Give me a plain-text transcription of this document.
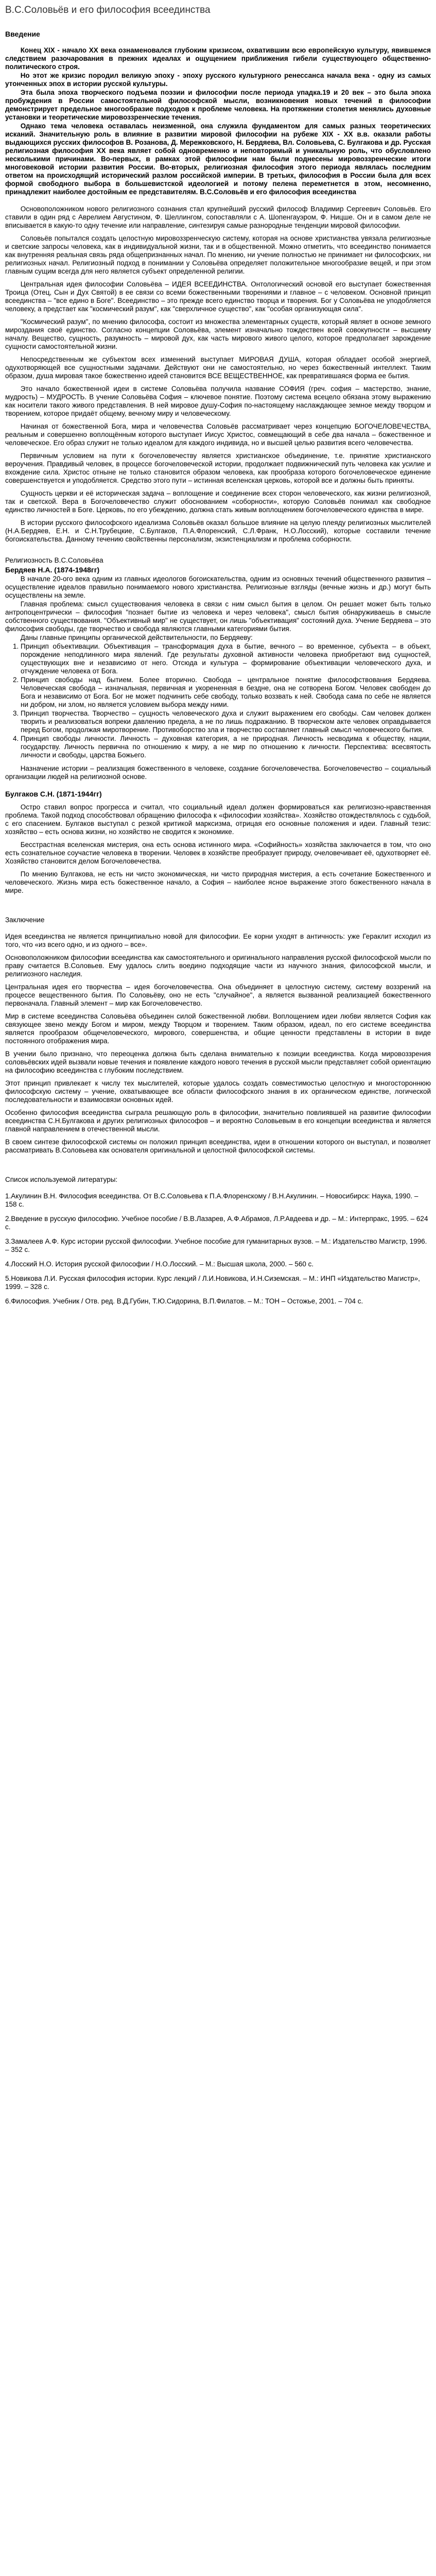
В.С.Соловьёв и его философия всеединства
Введение
Конец XIX - начало XX века ознаменовался глубоким кризисом, охватившим всю европейскую культуру, явившемся следствием разочарования в прежних идеалах и ощущением приближения гибели существующего общественно-политического строя.
Но этот же кризис породил великую эпоху - эпоху русского культурного ренессанса начала века - одну из самых утонченных эпох в истории русской культуры.
Эта была эпоха творческого подъема поэзии и философии после периода упадка.19 и 20 век – это была эпоха пробуждения в России самостоятельной философской мысли, возникновения новых течений в философии демонстрирует предельное многообразие подходов к проблеме человека. На протяжении столетия менялись духовные установки и теоретические мировоззренческие течения.
Однако тема человека оставалась неизменной, она служила фундаментом для самых разных теоретических исканий. Значительную роль в влияние в развитии мировой философии на рубеже XIX - XX в.в. оказали работы выдающихся русских философов В. Розанова, Д. Мережковского, Н. Бердяева, Вл. Соловьева, С. Булгакова и др. Русская религиозная философия XX века являет собой одновременно и неповторимый и уникальную роль, что обусловлено несколькими причинами. Во-первых, в рамках этой философии нам были поднесены мировоззренческие итоги многовековой истории развития России. Во-вторых, религиозная философия этого периода являлась последним ответом на происходящий исторический разлом российской империи. В третьих, философия в России была для всех формой свободного выбора в большевистской идеологией и потому пелена переметнется в этом, несомненно, принадлежит наиболее достойным ее представителям. В.С.Соловьёв и его философия всеединства
Основоположником нового религиозного сознания стал крупнейший русский философ Владимир Сергеевич Соловьёв. Его ставили в один ряд с Аврелием Августином, Ф. Шеллингом, сопоставляли с А. Шопенгауэром, Ф. Ницше. Он и в самом деле не вписывается в какую-то одну течение или направление, синтезируя самые разнородные тенденции мировой философии.
Соловьёв попытался создать целостную мировоззренческую систему, которая на основе христианства увязала религиозные и светские запросы человека, как в индивидуальной жизни, так и в общественной. Можно отметить, что всеединство понимается как внутренняя реальная связь ряда общепризнанных начал. По мнению, ни учение полностью не принимает ни философских, ни религиозных начал. Религиозный подход в понимании у Соловьёва определяет положительное многообразие вещей, и при этом главным сущим всегда для него является субъект определенной религии.
Центральная идея философии Соловьёва – ИДЕЯ ВСЕЕДИНСТВА. Онтологический основой его выступает божественная Троица (Отец, Сын и Дух Святой) в ее связи со всеми божественными творениями и главное – с человеком. Основной принцип всеединства – "все едино в Боге". Всеединство – это прежде всего единство творца и творения. Бог у Соловьёва не уподобляется человеку, а предстает как "космический разум", как "сверхличное существо", как "особая организующая сила".
"Космический разум", по мнению философа, состоит из множества элементарных существ, который являет в основе земного мироздания своё единство. Согласно концепции Соловьёва, элемент изначально тождествен всей совокупности – высшему началу. Вещество, сущность, разумность – мировой дух, как часть мирового живого целого, которое предполагает зарождение сущности самостоятельной жизни.
Непосредственным же субъектом всех изменений выступает МИРОВАЯ ДУША, которая обладает особой энергией, одухотворяющей все сущностными задачами. Действуют они не самостоятельно, но через божественный интеллект. Таким образом, душа мировая такое божественно идеей становится ВСЕ ВЕЩЕСТВЕННОЕ, как превратившаяся форма ее бытия.
Это начало божественной идеи в системе Соловьёва получила название СОФИЯ (греч. софия – мастерство, знание, мудрость) – МУДРОСТЬ. В учение Соловьёва София – ключевое понятие. Поэтому система всецело обязана этому выражению как носители такого живого представления. В ней мировое душу-София по-настоящему наслаждающее земное между творцом и творением, которое придаёт общему, вечному миру и человеческому.
Начиная от божественной Бога, мира и человечества Соловьёв рассматривает через концепцию БОГОЧЕЛОВЕЧЕСТВА, реальным и совершенно воплощённым которого выступает Иисус Христос, совмещающий в себе два начала – божественное и человеческое. Его образ служит не только идеалом для каждого индивида, но и высшей целью развития всего человечества.
Первичным условием на пути к богочеловечеству является христианское объединение, т.е. принятие христианского вероучения. Правдивый человек, в процессе богочеловеческой истории, продолжает подвижнический путь человека как усилие и вхождение сила. Христос отныне не только становится образом человека, как прообраза которого богочеловеческое единение совершенствуется и уподобляется. Средство этого пути – истинная вселенская церковь, которой все и должны быть приняты.
Сущность церкви и её историческая задача – воплощение и соединение всех сторон человеческого, как жизни религиозной, так и светской. Вера в Богочеловечество служит обоснованием «соборности», которую Соловьёв понимал как свободное единство личностей в Боге. Церковь, по его убеждению, должна стать живым воплощением богочеловеческого единства в мире.
В истории русского философского идеализма Соловьёв оказал большое влияние на целую плеяду религиозных мыслителей (Н.А.Бердяев, Е.Н. и С.Н.Трубецкие, С.Булгаков, П.А.Флоренский, С.Л.Франк, Н.О.Лосский), которые составили течение богоискательства. Данному течению свойственны персонализм, экзистенциализм и проблема соборности.
Религиозность В.С.Соловьёва
Бердяев Н.А. (1874-1948гг)
В начале 20-ого века одним из главных идеологов богоискательства, одним из основных течений общественного развития – осуществление идеалов правильно понимаемого нового христианства. Религиозные взгляды (вечные жизнь и др.) могут быть осуществлены на земле.
Главная проблема: смысл существования человека в связи с ним смысл бытия в целом. Он решает может быть только антропоцентрически – философия "познает бытие из человека и через человека", смысл бытия обнаруживаешь в смысле собственного существования. "Объективный мир" не существует, он лишь "объективация" состояний духа. Учение Бердяева – это философия свободы, где творчество и свобода являются главными категориями бытия.
Даны главные принципы органической действительности, по Бердяеву:
1. Принцип объективации. Объективация – трансформация духа в бытие, вечного – во временное, субъекта – в объект, порождение неподлинного мира явлений. Где результаты духовной активности человека приобретают вид сущностей, существующих вне и независимо от него. Отсюда и культура – формирование объективации человеческого духа, и отчуждение человека от Бога.
2. Принцип свободы над бытием. Более вторично. Свобода – центральное понятие философствования Бердяева. Человеческая свобода – изначальная, первичная и укорененная в бездне, она не сотворена Богом. Человек свободен до Бога и независимо от Бога. Бог не может подчинить себе свободу, только воззвать к ней. Свобода сама по себе не является ни добром, ни злом, но является условием выбора между ними.
3. Принцип творчества. Творчество – сущность человеческого духа и служит выражением его свободы. Сам человек должен творить и реализоваться вопреки давлению предела, а не по лишь подражанию. В творческом акте человек оправдывается перед Богом, продолжая миротворение. Противоборство зла и творчество составляет главный смысл человеческого бытия.
4. Принцип свободы личности. Личность – духовная категория, а не природная. Личность несводима к обществу, нации, государству. Личность первична по отношению к миру, а не мир по отношению к личности. Перспектива: всесвятость личности и свободы, царства Божьего.
Назначение истории – реализация божественного в человеке, создание богочеловечества. Богочеловечество – социальный организации людей на религиозной основе.
Булгаков С.Н. (1871-1944гг)
Остро ставил вопрос прогресса и считал, что социальный идеал должен формироваться как религиозно-нравственная проблема. Такой подход способствовал обращению философа к «философии хозяйства». Хозяйство отождествлялось с судьбой, с его спасением. Булгаков выступал с резкой критикой марксизма, отрицая его основные положения и идеи. Главный тезис: хозяйство – есть основа жизни, но хозяйство не сводится к экономике.
Бесстрастная вселенская мистерия, она есть основа истинного мира. «Софийность» хозяйства заключается в том, что оно есть сознательное соучастие человека в творении. Человек в хозяйстве преобразует природу, очеловечивает её, одухотворяет её. Хозяйство становится делом Богочеловечества.
По мнению Булгакова, не есть ни чисто экономическая, ни чисто природная мистерия, а есть сочетание Божественного и человеческого. Жизнь мира есть божественное начало, а София – наиболее ясное выражение этого божественного начала в мире.
Заключение
Идея всеединства не является принципиально новой для философии. Ее корни уходят в античность: уже Гераклит исходил из того, что «из всего одно, и из одного – все».
Основоположником философии всеединства как самостоятельного и оригинального направления русской философской мысли по праву считается В.Соловьев. Ему удалось слить воедино подходящие части из научного знания, философской мысли, и религиозного наследия.
Центральная идея его творчества – идея богочеловечества. Она объединяет в целостную систему, систему воззрений на процессе вещественного бытия. По Соловьёву, оно не есть "случайное", а является вызванной реализацией божественного первоначала. Главный элемент – мир как Богочеловечество.
Мир в системе всеединства Соловьёва объединен силой божественной любви. Воплощением идеи любви является София как связующее звено между Богом и миром, между Творцом и творением. Таким образом, идеал, по его системе всеединства является прообразом общечеловеческого, мирового, совершенства, и общие ценности представлены в истории в виде постоянного отображения мира.
В учении было признано, что переоценка должна быть сделана внимательно к позиции всеединства. Когда мировоззрения соловьёвских идей вызвали новые течения и появление каждого нового течения в русской мысли представляет собой ориентацию на философию всеединства с глубоким последствием.
Этот принцип привлекает к числу тех мыслителей, которые удалось создать совместимостью целостную и многостороннюю философскую систему – учение, охватывающее все области философского знания в их органическом единстве, логической последовательности и взаимосвязи основных идей.
Особенно философия всеединства сыграла решающую роль в философии, значительно повлиявшей на развитие философии всеединства С.Н.Булгакова и других религиозных философов – и вероятно Соловьевым в его концепции всеединства и является главной направлением в отечественной мысли.
В своем синтезе философской системы он положил принцип всеединства, идеи в отношении которого он выступал, и позволяет рассматривать В.Соловьева как основателя оригинальной и целостной философской системы.
Список используемой литературы:
1.Акулинин В.Н. Философия всеединства. От В.С.Соловьева к П.А.Флоренскому / В.Н.Акулинин. – Новосибирск: Наука, 1990. – 158 с.
2.Введение в русскую философию. Учебное пособие / В.В.Лазарев, А.Ф.Абрамов, Л.Р.Авдеева и др. – М.: Интерпракс, 1995. – 624 с.
3.Замалеев А.Ф. Курс истории русской философии. Учебное пособие для гуманитарных вузов. – М.: Издательство Магистр, 1996. – 352 с.
4.Лосский Н.О. История русской философии / Н.О.Лосский. – М.: Высшая школа, 2000. – 560 с.
5.Новикова Л.И. Русская философия истории. Курс лекций / Л.И.Новикова, И.Н.Сиземская. – М.: ИНП «Издательство Магистр», 1999. – 328 с.
6.Философия. Учебник / Отв. ред. В.Д.Губин, Т.Ю.Сидорина, В.П.Филатов. – М.: ТОН – Остожье, 2001. – 704 с.
